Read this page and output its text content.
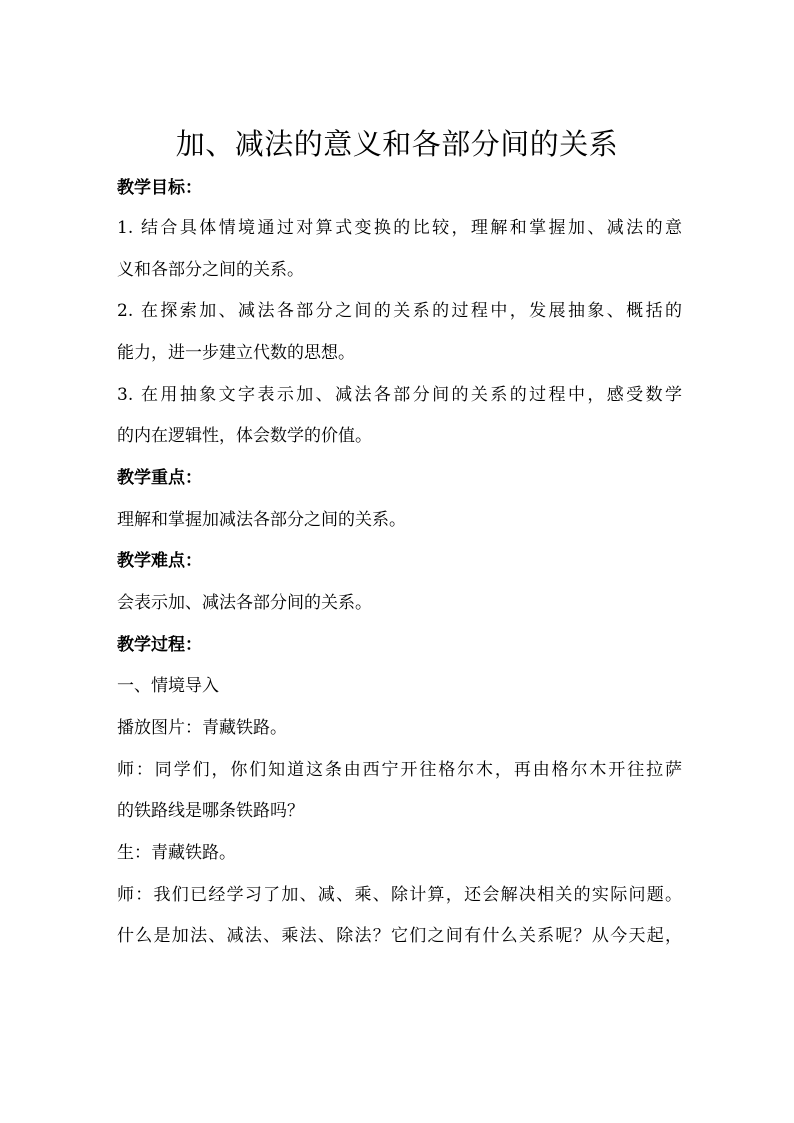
加、减法的意义和各部分间的关系

教学目标：

1. 结合具体情境通过对算式变换的比较，理解和掌握加、减法的意

义和各部分之间的关系。

2. 在探索加、减法各部分之间的关系的过程中，发展抽象、概括的

能力，进一步建立代数的思想。

3. 在用抽象文字表示加、减法各部分间的关系的过程中，感受数学

的内在逻辑性，体会数学的价值。

教学重点：

理解和掌握加减法各部分之间的关系。

教学难点：

会表示加、减法各部分间的关系。

教学过程：

一、情境导入

播放图片：青藏铁路。

师：同学们，你们知道这条由西宁开往格尔木，再由格尔木开往拉萨

的铁路线是哪条铁路吗？

生：青藏铁路。

师：我们已经学习了加、减、乘、除计算，还会解决相关的实际问题。

什么是加法、减法、乘法、除法？它们之间有什么关系呢？从今天起，
